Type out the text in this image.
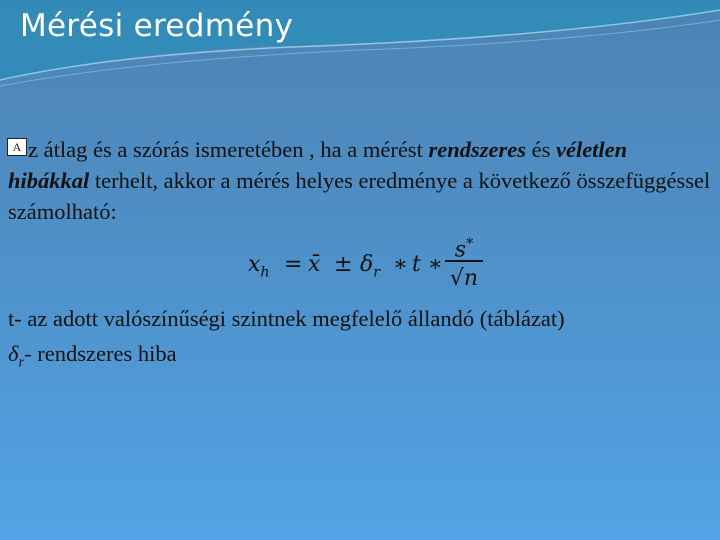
Mérési eredmény
A z átlag és a szórás ismeretében , ha a mérést rendszeres és véletlen hibákkal terhelt, akkor a mérés helyes eredménye a következő összefüggéssel számolható:

$x_h$ = x̄ ± $\delta_r$ ∗ t ∗
s*
√n

t- az adott valószínűségi szintnek megfelelő állandó (táblázat)

$\delta_r-$ rendszeres hiba
